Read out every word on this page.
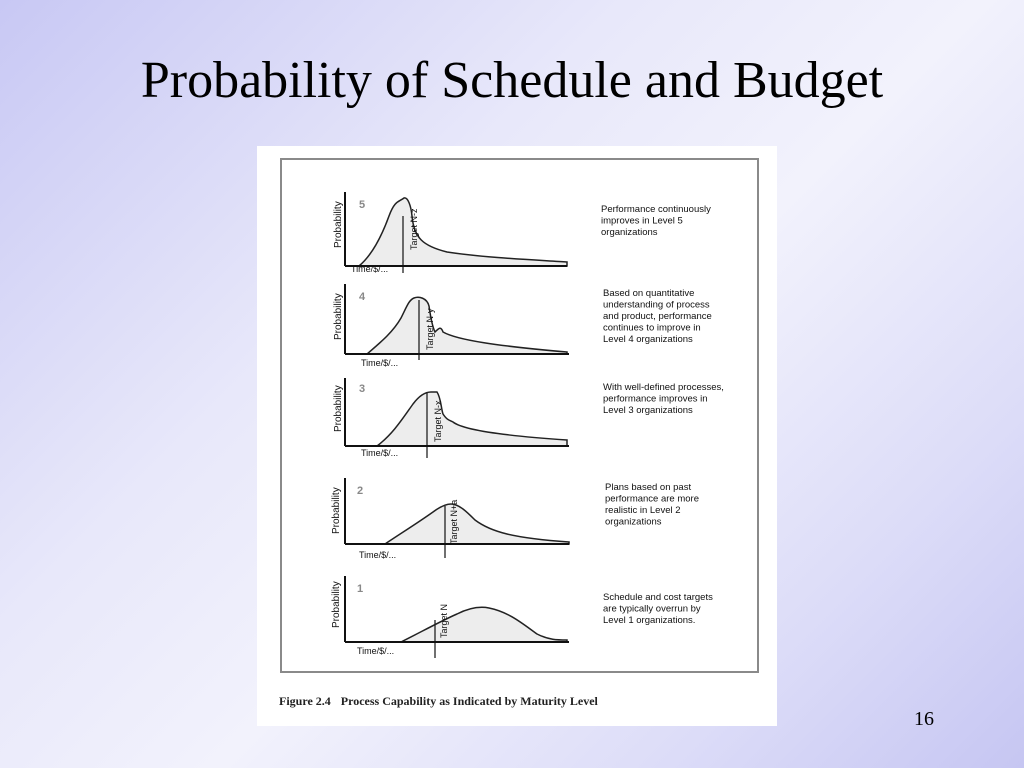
Probability of Schedule and Budget
5
Probability
Time/$/...
Target N-z	Performance continuously improves in Level 5 organizations
4
Probability
Time/$/...
Target N-y
Based on quantitative understanding of process and product, performance continues to improve in Level 4 organizations
3
Probability
Time/$/...
Target N-x
With well-defined processes, performance improves in Level 3 organizations
2
Probability
Time/$/...
Target N+a
Plans based on past performance are more realistic in Level 2 organizations
1
Probability
Time/$/...
Target N
Schedule and cost targets are typically overrun by Level 1 organizations.
Figure 2.4 Process Capability as Indicated by Maturity Level
16
